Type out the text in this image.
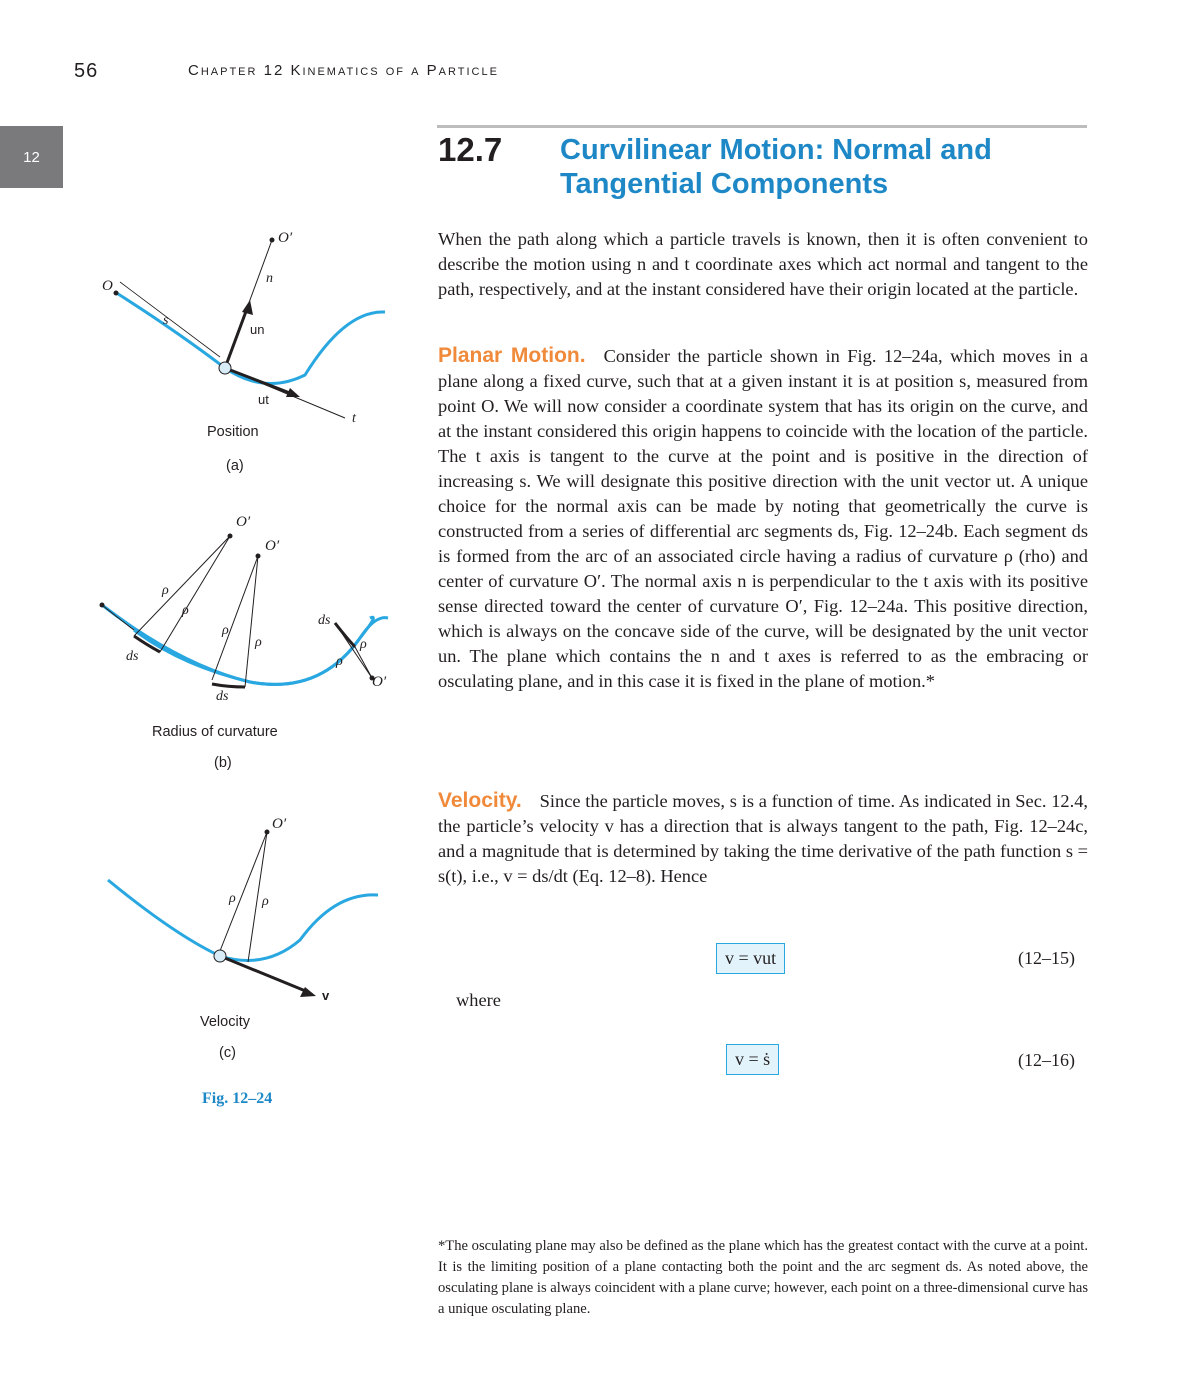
56	Chapter 12 Kinematics of a Particle
12	12.7 Curvilinear Motion: Normal and Tangential Components
When the path along which a particle travels is known, then it is often convenient to describe the motion using n and t coordinate axes which act normal and tangent to the path, respectively, and at the instant considered have their origin located at the particle.
Planar Motion. Consider the particle shown in Fig. 12–24a, which moves in a plane along a fixed curve, such that at a given instant it is at position s, measured from point O. We will now consider a coordinate system that has its origin on the curve, and at the instant considered this origin happens to coincide with the location of the particle. The t axis is tangent to the curve at the point and is positive in the direction of increasing s. We will designate this positive direction with the unit vector ut. A unique choice for the normal axis can be made by noting that geometrically the curve is constructed from a series of differential arc segments ds, Fig. 12–24b. Each segment ds is formed from the arc of an associated circle having a radius of curvature ρ (rho) and center of curvature O′. The normal axis n is perpendicular to the t axis with its positive sense directed toward the center of curvature O′, Fig. 12–24a. This positive direction, which is always on the concave side of the curve, will be designated by the unit vector un. The plane which contains the n and t axes is referred to as the embracing or osculating plane, and in this case it is fixed in the plane of motion.*
Velocity. Since the particle moves, s is a function of time. As indicated in Sec. 12.4, the particle’s velocity v has a direction that is always tangent to the path, Fig. 12–24c, and a magnitude that is determined by taking the time derivative of the path function s = s(t), i.e., v = ds/dt (Eq. 12–8). Hence
v = vut	(12–15)
where
v = ṡ	(12–16)
*The osculating plane may also be defined as the plane which has the greatest contact with the curve at a point. It is the limiting position of a plane contacting both the point and the arc segment ds. As noted above, the osculating plane is always coincident with a plane curve; however, each point on a three-dimensional curve has a unique osculating plane.
O′
n
O
s
un
ut
t
Position
(a)
O′
O′
O′
ρ
ρ
ρ
ρ
ρ
ρ
ds
ds
ds
Radius of curvature
(b)
O′
ρ ρ
v
Velocity
(c)
Fig. 12–24
